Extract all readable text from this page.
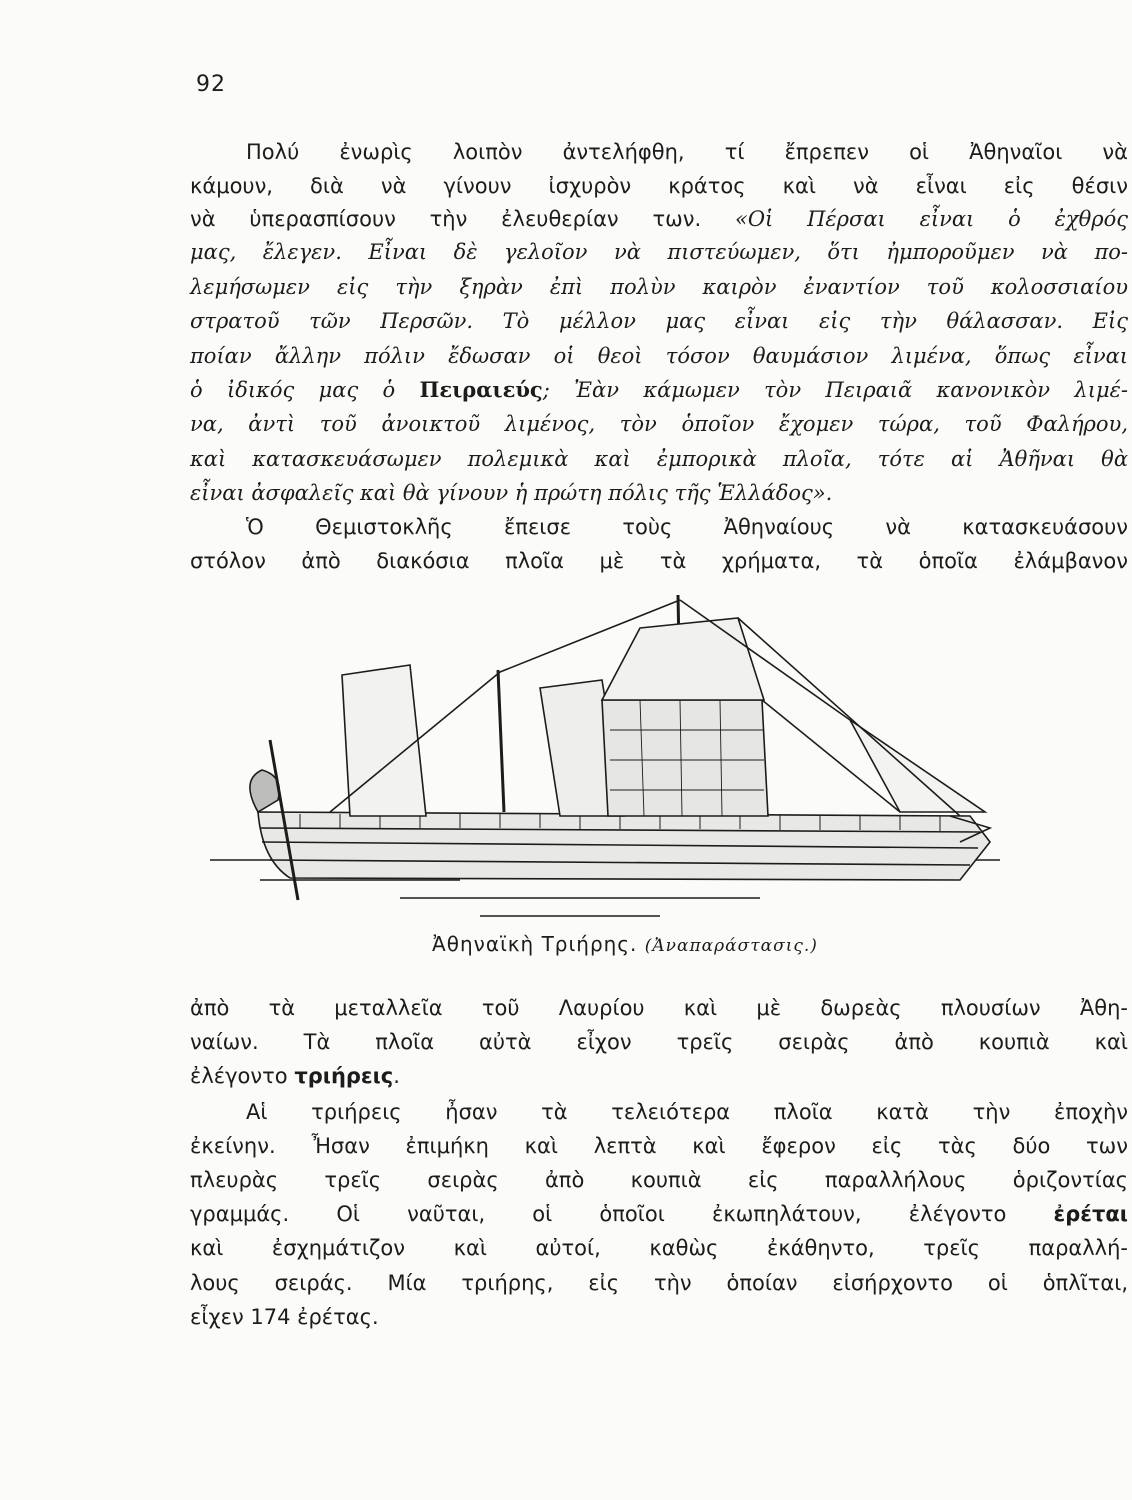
92
Πολύ ἐνωρὶς λοιπὸν ἀντελήφθη, τί ἔπρεπεν οἱ Ἀθηναῖοι νὰ
κάμουν, διὰ νὰ γίνουν ἰσχυρὸν κράτος καὶ νὰ εἶναι εἰς θέσιν
νὰ ὑπερασπίσουν τὴν ἐλευθερίαν των. «Οἱ Πέρσαι εἶναι ὁ ἐχθρός
μας, ἔλεγεν. Εἶναι δὲ γελοῖον νὰ πιστεύωμεν, ὅτι ἠμποροῦμεν νὰ πο-
λεμήσωμεν εἰς τὴν ξηρὰν ἐπὶ πολὺν καιρὸν ἐναντίον τοῦ κολοσσιαίου
στρατοῦ τῶν Περσῶν. Τὸ μέλλον μας εἶναι εἰς τὴν θάλασσαν. Εἰς
ποίαν ἄλλην πόλιν ἔδωσαν οἱ θεοὶ τόσον θαυμάσιον λιμένα, ὅπως εἶναι
ὁ ἰδικός μας ὁ Πειραιεύς; Ἐὰν κάμωμεν τὸν Πειραιᾶ κανονικὸν λιμέ-
να, ἀντὶ τοῦ ἀνοικτοῦ λιμένος, τὸν ὁποῖον ἔχομεν τώρα, τοῦ Φαλήρου,
καὶ κατασκευάσωμεν πολεμικὰ καὶ ἐμπορικὰ πλοῖα, τότε αἱ Ἀθῆναι θὰ
εἶναι ἀσφαλεῖς καὶ θὰ γίνουν ἡ πρώτη πόλις τῆς Ἑλλάδος».
Ὁ Θεμιστοκλῆς ἔπεισε τοὺς Ἀθηναίους νὰ κατασκευάσουν
στόλον ἀπὸ διακόσια πλοῖα μὲ τὰ χρήματα, τὰ ὁποῖα ἐλάμβανον
Ἀθηναϊκὴ Τριήρης. (Ἀναπαράστασις.)
ἀπὸ τὰ μεταλλεῖα τοῦ Λαυρίου καὶ μὲ δωρεὰς πλουσίων Ἀθη-
ναίων. Τὰ πλοῖα αὐτὰ εἶχον τρεῖς σειρὰς ἀπὸ κουπιὰ καὶ
ἐλέγοντο τριήρεις.
Αἱ τριήρεις ἦσαν τὰ τελειότερα πλοῖα κατὰ τὴν ἐποχὴν
ἐκείνην. Ἦσαν ἐπιμήκη καὶ λεπτὰ καὶ ἔφερον εἰς τὰς δύο των
πλευρὰς τρεῖς σειρὰς ἀπὸ κουπιὰ εἰς παραλλήλους ὁριζοντίας
γραμμάς. Οἱ ναῦται, οἱ ὁποῖοι ἐκωπηλάτουν, ἐλέγοντο ἐρέται
καὶ ἐσχημάτιζον καὶ αὐτοί, καθὼς ἐκάθηντο, τρεῖς παραλλή-
λους σειράς. Μία τριήρης, εἰς τὴν ὁποίαν εἰσήρχοντο οἱ ὁπλῖται,
εἶχεν 174 ἐρέτας.
